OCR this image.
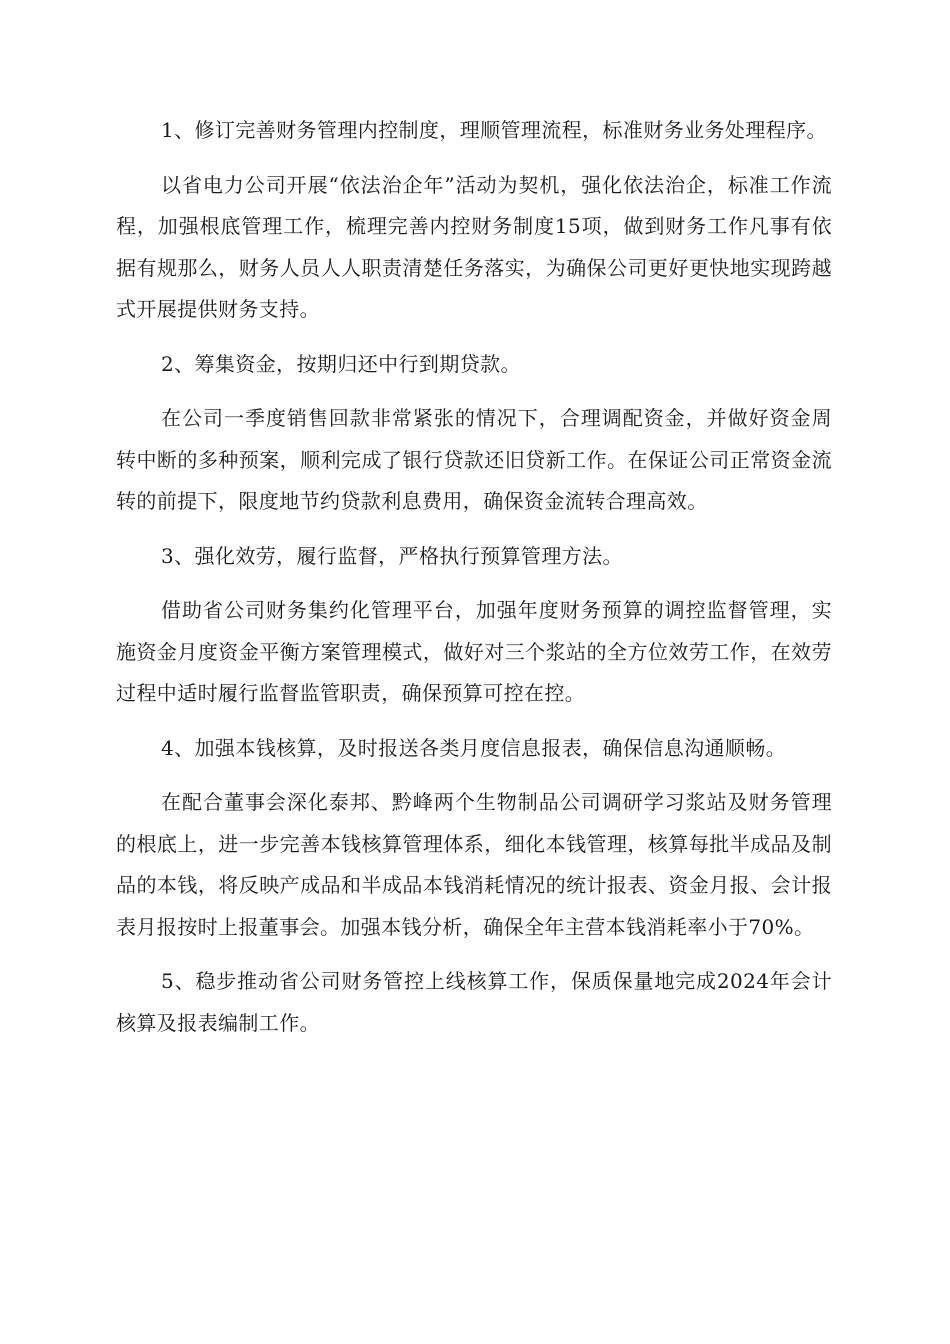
1、修订完善财务管理内控制度，理顺管理流程，标准财务业务处理程序。

以省电力公司开展“依法治企年”活动为契机，强化依法治企，标准工作流程，加强根底管理工作，梳理完善内控财务制度15项，做到财务工作凡事有依据有规那么，财务人员人人职责清楚任务落实，为确保公司更好更快地实现跨越式开展提供财务支持。

2、筹集资金，按期归还中行到期贷款。

在公司一季度销售回款非常紧张的情况下，合理调配资金，并做好资金周转中断的多种预案，顺利完成了银行贷款还旧贷新工作。在保证公司正常资金流转的前提下，限度地节约贷款利息费用，确保资金流转合理高效。

3、强化效劳，履行监督，严格执行预算管理方法。

借助省公司财务集约化管理平台，加强年度财务预算的调控监督管理，实施资金月度资金平衡方案管理模式，做好对三个浆站的全方位效劳工作，在效劳过程中适时履行监督监管职责，确保预算可控在控。

4、加强本钱核算，及时报送各类月度信息报表，确保信息沟通顺畅。

在配合董事会深化泰邦、黔峰两个生物制品公司调研学习浆站及财务管理的根底上，进一步完善本钱核算管理体系，细化本钱管理，核算每批半成品及制品的本钱，将反映产成品和半成品本钱消耗情况的统计报表、资金月报、会计报表月报按时上报董事会。加强本钱分析，确保全年主营本钱消耗率小于70%。

5、稳步推动省公司财务管控上线核算工作，保质保量地完成2024年会计核算及报表编制工作。
